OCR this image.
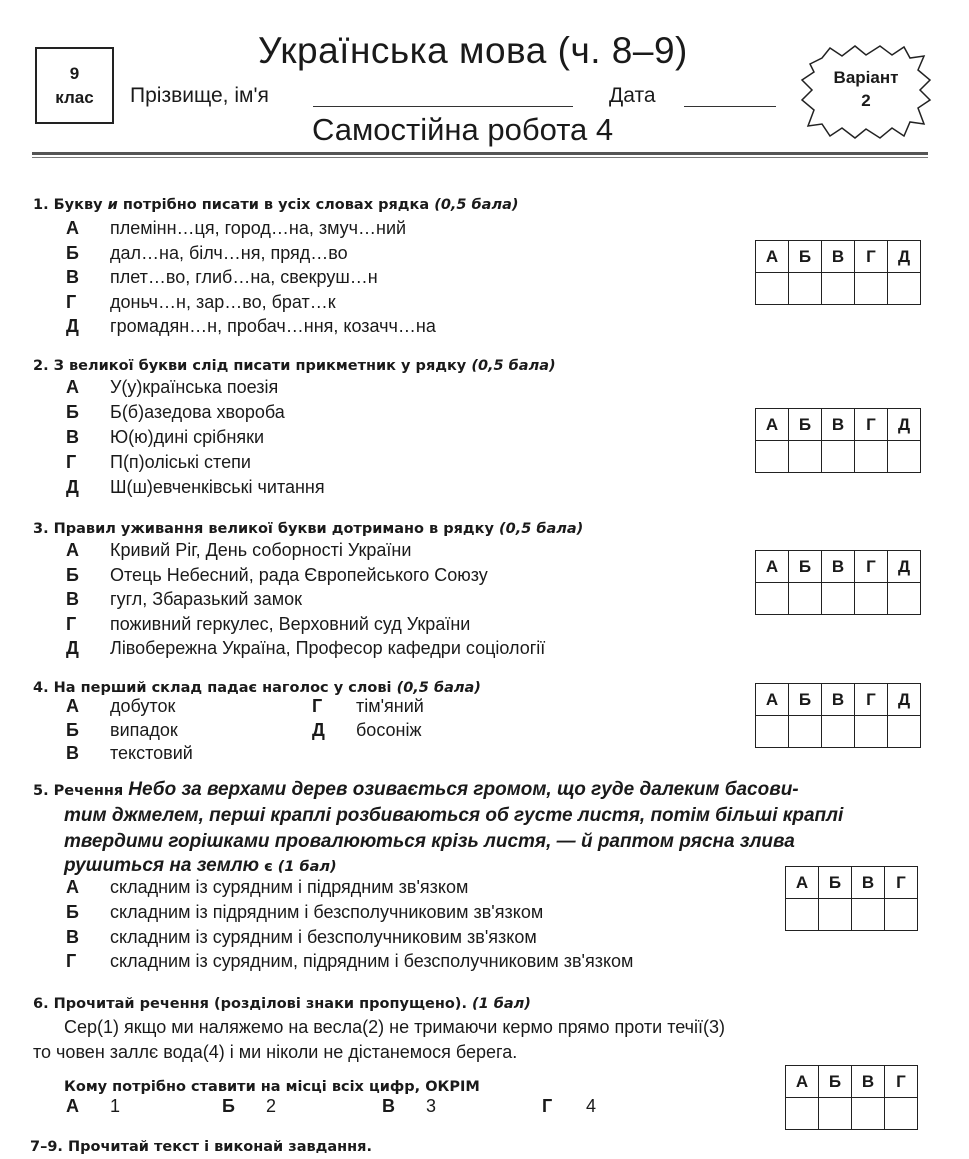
9
клас
Українська мова (ч. 8–9)
Прізвище, ім'я	Дата
Самостійна робота 4
Варіант
2
1. Букву и потрібно писати в усіх словах рядка (0,5 бала)
А племінн…ця, город…на, змуч…ний
Б дал…на, білч…ня, пряд…во
В плет…во, глиб…на, свекруш…н
Г доньч…н, зар…во, брат…к
Д громадян…н, пробач…ння, козачч…на
А	Б	В	Г	Д

2. З великої букви слід писати прикметник у рядку (0,5 бала)
А У(у)країнська поезія
Б Б(б)азедова хвороба
В Ю(ю)дині срібняки
Г П(п)оліські степи
Д Ш(ш)евченківські читання
А	Б	В	Г	Д

3. Правил уживання великої букви дотримано в рядку (0,5 бала)
А Кривий Ріг, День соборності України
Б Отець Небесний, рада Європейського Союзу
В гугл, Збаразький замок
Г поживний геркулес, Верховний суд України
Д Лівобережна Україна, Професор кафедри соціології
А	Б	В	Г	Д

4. На перший склад падає наголос у слові (0,5 бала)
А добуток
Б випадок
В текстовий
Г тім'яний
Д босоніж
А	Б	В	Г	Д

5. Речення Небо за верхами дерев озивається громом, що гуде далеким басови-
тим джмелем, перші краплі розбиваються об густе листя, потім більші краплі
твердими горішками провалюються крізь листя, — й раптом рясна злива
рушиться на землю є (1 бал)
А складним із сурядним і підрядним зв'язком
Б складним із підрядним і безсполучниковим зв'язком
В складним із сурядним і безсполучниковим зв'язком
Г складним із сурядним, підрядним і безсполучниковим зв'язком
А	Б	В	Г

6. Прочитай речення (розділові знаки пропущено). (1 бал)
Сер(1) якщо ми наляжемо на весла(2) не тримаючи кермо прямо проти течії(3)
то човен заллє вода(4) і ми ніколи не дістанемося берега.
Кому потрібно ставити на місці всіх цифр, ОКРІМ
А 1	Б 2	В 3	Г 4
А	Б	В	Г

7–9. Прочитай текст і виконай завдання.
